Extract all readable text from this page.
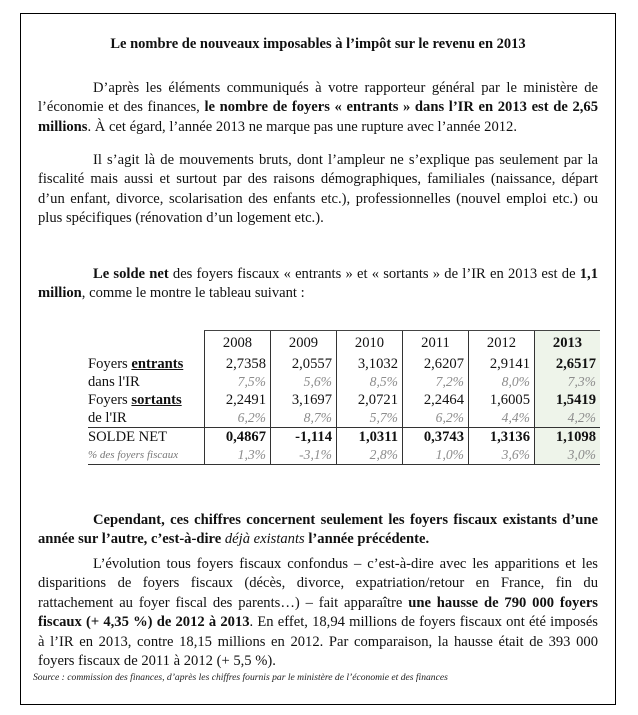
Le nombre de nouveaux imposables à l’impôt sur le revenu en 2013
D’après les éléments communiqués à votre rapporteur général par le ministère de l’économie et des finances, le nombre de foyers « entrants » dans l’IR en 2013 est de 2,65 millions. À cet égard, l’année 2013 ne marque pas une rupture avec l’année 2012.
Il s’agit là de mouvements bruts, dont l’ampleur ne s’explique pas seulement par la fiscalité mais aussi et surtout par des raisons démographiques, familiales (naissance, départ d’un enfant, divorce, scolarisation des enfants etc.), professionnelles (nouvel emploi etc.) ou plus spécifiques (rénovation d’un logement etc.).
Le solde net des foyers fiscaux « entrants » et « sortants » de l’IR en 2013 est de 1,1 million, comme le montre le tableau suivant :
	2008	2009	2010	2011	2012	2013
Foyers entrants	2,7358	2,0557	3,1032	2,6207	2,9141	2,6517
dans l'IR	7,5%	5,6%	8,5%	7,2%	8,0%	7,3%
Foyers sortants	2,2491	3,1697	2,0721	2,2464	1,6005	1,5419
de l'IR	6,2%	8,7%	5,7%	6,2%	4,4%	4,2%
SOLDE NET	0,4867	-1,114	1,0311	0,3743	1,3136	1,1098
% des foyers fiscaux	1,3%	-3,1%	2,8%	1,0%	3,6%	3,0%
Cependant, ces chiffres concernent seulement les foyers fiscaux existants d’une année sur l’autre, c’est-à-dire déjà existants l’année précédente.
L’évolution tous foyers fiscaux confondus – c’est-à-dire avec les apparitions et les disparitions de foyers fiscaux (décès, divorce, expatriation/retour en France, fin du rattachement au foyer fiscal des parents…) – fait apparaître une hausse de 790 000 foyers fiscaux (+ 4,35 %) de 2012 à 2013. En effet, 18,94 millions de foyers fiscaux ont été imposés à l’IR en 2013, contre 18,15 millions en 2012. Par comparaison, la hausse était de 393 000 foyers fiscaux de 2011 à 2012 (+ 5,5 %).
Source : commission des finances, d’après les chiffres fournis par le ministère de l’économie et des finances
